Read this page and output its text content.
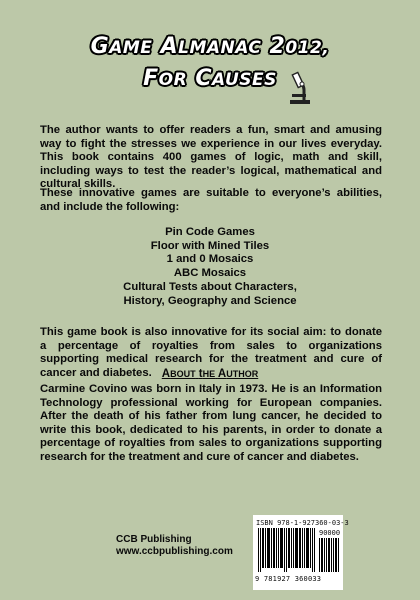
GAME ALMANAC 2012,
FOR CAUSES
The author wants to offer readers a fun, smart and amusing way to fight the stresses we experience in our lives everyday. This book contains 400 games of logic, math and skill, including ways to test the reader’s logical, mathematical and cultural skills.
These innovative games are suitable to everyone’s abilities, and include the following:
Pin Code Games
Floor with Mined Tiles
1 and 0 Mosaics
ABC Mosaics
Cultural Tests about Characters,
History, Geography and Science
This game book is also innovative for its social aim: to donate a percentage of royalties from sales to organizations supporting medical research for the treatment and cure of cancer and diabetes. ABOUT tHE AUTHOR
Carmine Covino was born in Italy in 1973. He is an Information Technology professional working for European companies. After the death of his father from lung cancer, he decided to write this book, dedicated to his parents, in order to donate a percentage of royalties from sales to organizations supporting research for the treatment and cure of cancer and diabetes.
CCB Publishing
www.ccbpublishing.com
ISBN 978-1-927360-03-3
90000
9 781927 360033
